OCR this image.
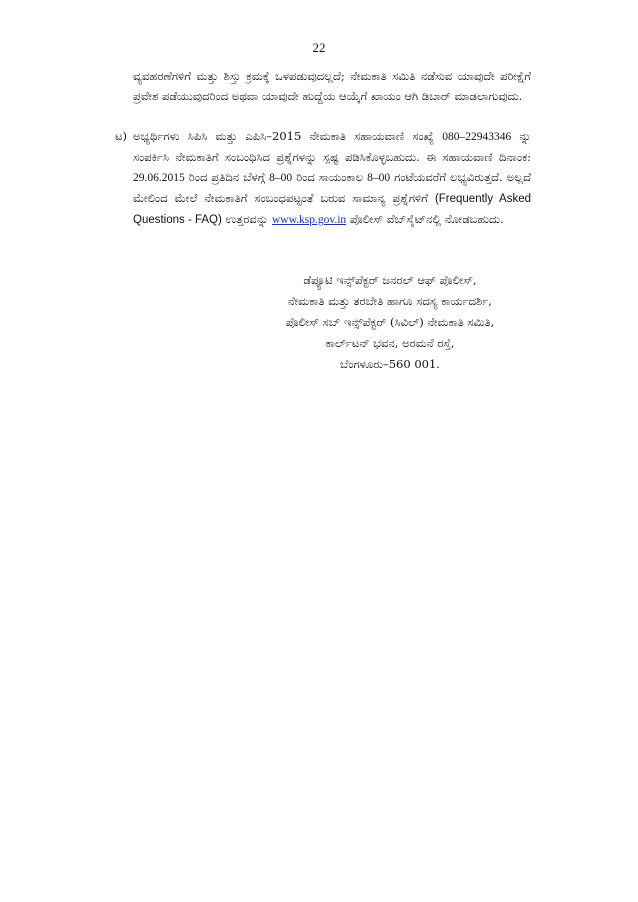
22

ವ್ಯವಹರಣೆಗಳಿಗೆ ಮತ್ತು ಶಿಸ್ತು ಕ್ರಮಕ್ಕೆ ಒಳಪಡುವುದಲ್ಲದೆ; ನೇಮಕಾತಿ ಸಮಿತಿ ನಡೆಸುವ ಯಾವುದೇ ಪರೀಕ್ಷೆಗೆ ಪ್ರವೇಶ ಪಡೆಯುವುದರಿಂದ ಅಥವಾ ಯಾವುದೇ ಹುದ್ದೆಯ ಆಯ್ಕೆಗೆ ಖಾಯಂ ಆಗಿ ಡಿಬಾರ್ ಮಾಡಲಾಗುವುದು.

ಟ) ಅಭ್ಯರ್ಥಿಗಳು ಸಿಪಿಸಿ ಮತ್ತು ಎಪಿಸಿ–2015 ನೇಮಕಾತಿ ಸಹಾಯವಾಣಿ ಸಂಖ್ಯೆ 080–22943346 ನ್ನು ಸಂಪರ್ಕಿಸಿ ನೇಮಕಾತಿಗೆ ಸಂಬಂಧಿಸಿದ ಪ್ರಶ್ನೆಗಳನ್ನು ಸ್ಪಷ್ಟ ಪಡಿಸಿಕೊಳ್ಳಬಹುದು. ಈ ಸಹಾಯವಾಣಿ ದಿನಾಂಕ: 29.06.2015 ರಿಂದ ಪ್ರತಿದಿನ ಬೆಳಗ್ಗೆ 8–00 ರಿಂದ ಸಾಯಂಕಾಲ 8–00 ಗಂಟೆಯವರೆಗೆ ಲಭ್ಯವಿರುತ್ತದೆ. ಅಲ್ಲದೆ ಮೇಲಿಂದ ಮೇಲೆ ನೇಮಕಾತಿಗೆ ಸಂಬಂಧಪಟ್ಟಂತೆ ಬರುವ ಸಾಮಾನ್ಯ ಪ್ರಶ್ನೆಗಳಿಗೆ (Frequently Asked Questions - FAQ) ಉತ್ತರವನ್ನು www.ksp.gov.in ಪೊಲೀಸ್ ವೆಬ್‌ಸೈಟ್‌ನಲ್ಲಿ ನೋಡಬಹುದು.
ಡೆಪ್ಯೂಟಿ ಇನ್ಸ್‌ಪೆಕ್ಟರ್ ಜನರಲ್ ಆಫ್ ಪೊಲೀಸ್,
ನೇಮಕಾತಿ ಮತ್ತು ತರಬೇತಿ ಹಾಗೂ ಸದಸ್ಯ ಕಾರ್ಯದರ್ಶಿ,
ಪೊಲೀಸ್ ಸಬ್ ಇನ್ಸ್‌ಪೆಕ್ಟರ್ (ಸಿವಿಲ್) ನೇಮಕಾತಿ ಸಮಿತಿ,
ಕಾರ್ಲ್‌ಟನ್ ಭವನ, ಅರಮನೆ ರಸ್ತೆ,
ಬೆಂಗಳೂರು–560 001.
